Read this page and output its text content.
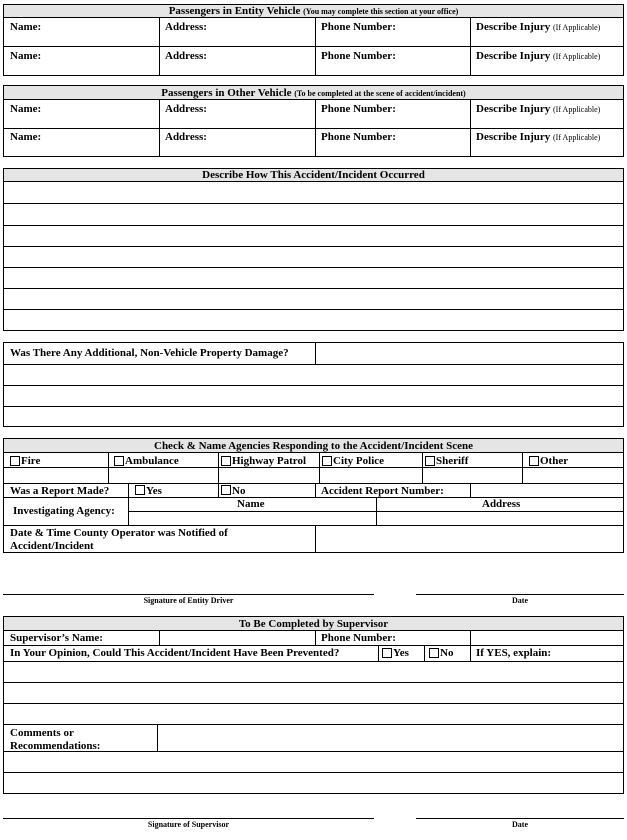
Passengers in Entity Vehicle (You may complete this section at your office)
Name:	Address:	Phone Number:	Describe Injury (If Applicable)
Name:	Address:	Phone Number:	Describe Injury (If Applicable)
Passengers in Other Vehicle (To be completed at the scene of accident/incident)
Name:	Address:	Phone Number:	Describe Injury (If Applicable)
Name:	Address:	Phone Number:	Describe Injury (If Applicable)
Describe How This Accident/Incident Occurred
Was There Any Additional, Non-Vehicle Property Damage?
Check & Name Agencies Responding to the Accident/Incident Scene
Fire	Ambulance	Highway Patrol City Police	Sheriff	Other
Was a Report Made?	Yes	No	Accident Report Number:
Investigating Agency:
Name	Address
Date & Time County Operator was Notified of
Accident/Incident
Signature of Entity Driver	Date
To Be Completed by Supervisor
Supervisor’s Name:	Phone Number:
In Your Opinion, Could This Accident/Incident Have Been Prevented?	Yes	No If YES, explain:
Comments or
Recommendations:
Signature of Supervisor	Date
